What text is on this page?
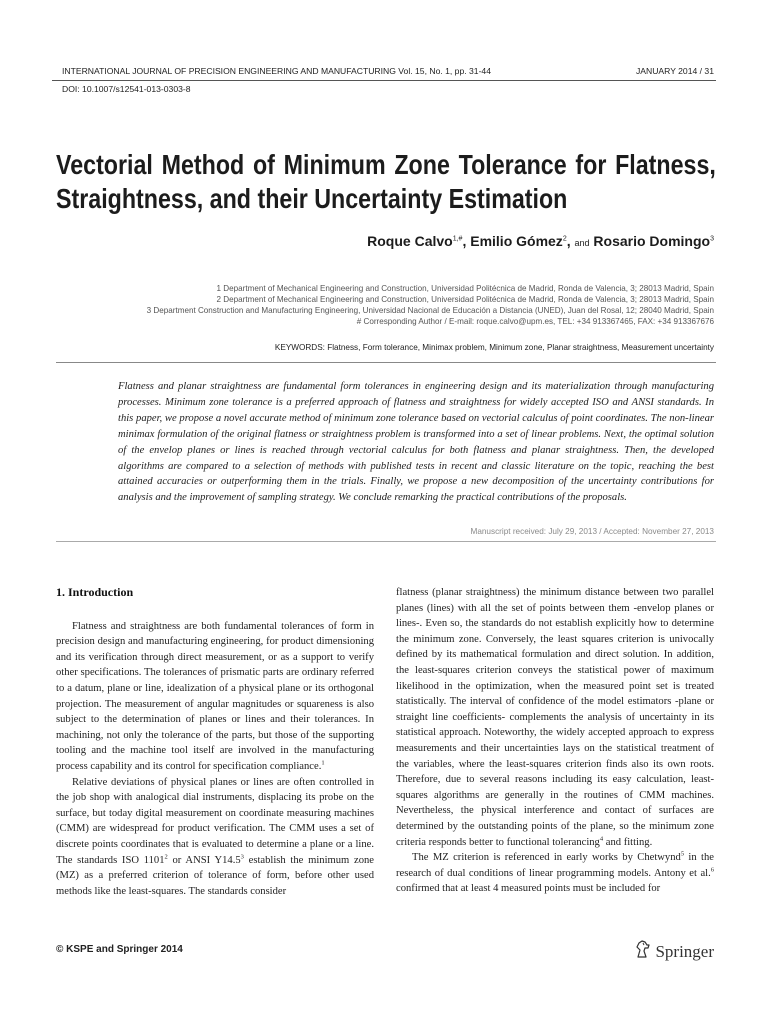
INTERNATIONAL JOURNAL OF PRECISION ENGINEERING AND MANUFACTURING Vol. 15, No. 1, pp. 31-44	JANUARY 2014 / 31
DOI: 10.1007/s12541-013-0303-8
Vectorial Method of Minimum Zone Tolerance for Flatness, Straightness, and their Uncertainty Estimation
Roque Calvo$^{1,\#}$, Emilio Gómez$^2$, and Rosario Domingo$^3$
1 Department of Mechanical Engineering and Construction, Universidad Politécnica de Madrid, Ronda de Valencia, 3; 28013 Madrid, Spain
2 Department of Mechanical Engineering and Construction, Universidad Politécnica de Madrid, Ronda de Valencia, 3; 28013 Madrid, Spain
3 Department Construction and Manufacturing Engineering, Universidad Nacional de Educación a Distancia (UNED), Juan del Rosal, 12; 28040 Madrid, Spain
# Corresponding Author / E-mail: roque.calvo@upm.es, TEL: +34 913367465, FAX: +34 913367676
KEYWORDS: Flatness, Form tolerance, Minimax problem, Minimum zone, Planar straightness, Measurement uncertainty

Flatness and planar straightness are fundamental form tolerances in engineering design and its materialization through manufacturing processes. Minimum zone tolerance is a preferred approach of flatness and straightness for widely accepted ISO and ANSI standards. In this paper, we propose a novel accurate method of minimum zone tolerance based on vectorial calculus of point coordinates. The non-linear minimax formulation of the original flatness or straightness problem is transformed into a set of linear problems. Next, the optimal solution of the envelop planes or lines is reached through vectorial calculus for both flatness and planar straightness. Then, the developed algorithms are compared to a selection of methods with published tests in recent and classic literature on the topic, reaching the best attained accuracies or outperforming them in the trials. Finally, we propose a new decomposition of the uncertainty contributions for analysis and the improvement of sampling strategy. We conclude remarking the practical contributions of the proposals.

Manuscript received: July 29, 2013 / Accepted: November 27, 2013
1. Introduction

Flatness and straightness are both fundamental tolerances of form in precision design and manufacturing engineering, for product dimensioning and its verification through direct measurement, or as a support to verify other specifications. The tolerances of prismatic parts are ordinary referred to a datum, plane or line, idealization of a physical plane or its orthogonal projection. The measurement of angular magnitudes or squareness is also subject to the determination of planes or lines and their tolerances. In machining, not only the tolerance of the parts, but those of the supporting tooling and the machine tool itself are involved in the manufacturing process capability and its control for specification compliance.$^1$

Relative deviations of physical planes or lines are often controlled in the job shop with analogical dial instruments, displacing its probe on the surface, but today digital measurement on coordinate measuring machines (CMM) are widespread for product verification. The CMM uses a set of discrete points coordinates that is evaluated to determine a plane or a line. The standards ISO 1101$^2$ or ANSI Y14.5$^3$ establish the minimum zone (MZ) as a preferred criterion of tolerance of form, before other used methods like the least-squares. The standards consider

flatness (planar straightness) the minimum distance between two parallel planes (lines) with all the set of points between them -envelop planes or lines-. Even so, the standards do not establish explicitly how to determine the minimum zone. Conversely, the least squares criterion is univocally defined by its mathematical formulation and direct solution. In addition, the least-squares criterion conveys the statistical power of maximum likelihood in the optimization, when the measured point set is treated statistically. The interval of confidence of the model estimators -plane or straight line coefficients- complements the analysis of uncertainty in its statistical approach. Noteworthy, the widely accepted approach to express measurements and their uncertainties lays on the statistical treatment of the variables, where the least-squares criterion finds also its own roots. Therefore, due to several reasons including its easy calculation, least-squares algorithms are generally in the routines of CMM machines. Nevertheless, the physical interference and contact of surfaces are determined by the outstanding points of the plane, so the minimum zone criteria responds better to functional tolerancing$^4$ and fitting.

The MZ criterion is referenced in early works by Chetwynd$^5$ in the research of dual conditions of linear programming models. Antony et al.$^6$ confirmed that at least 4 measured points must be included for

© KSPE and Springer 2014	Springer
